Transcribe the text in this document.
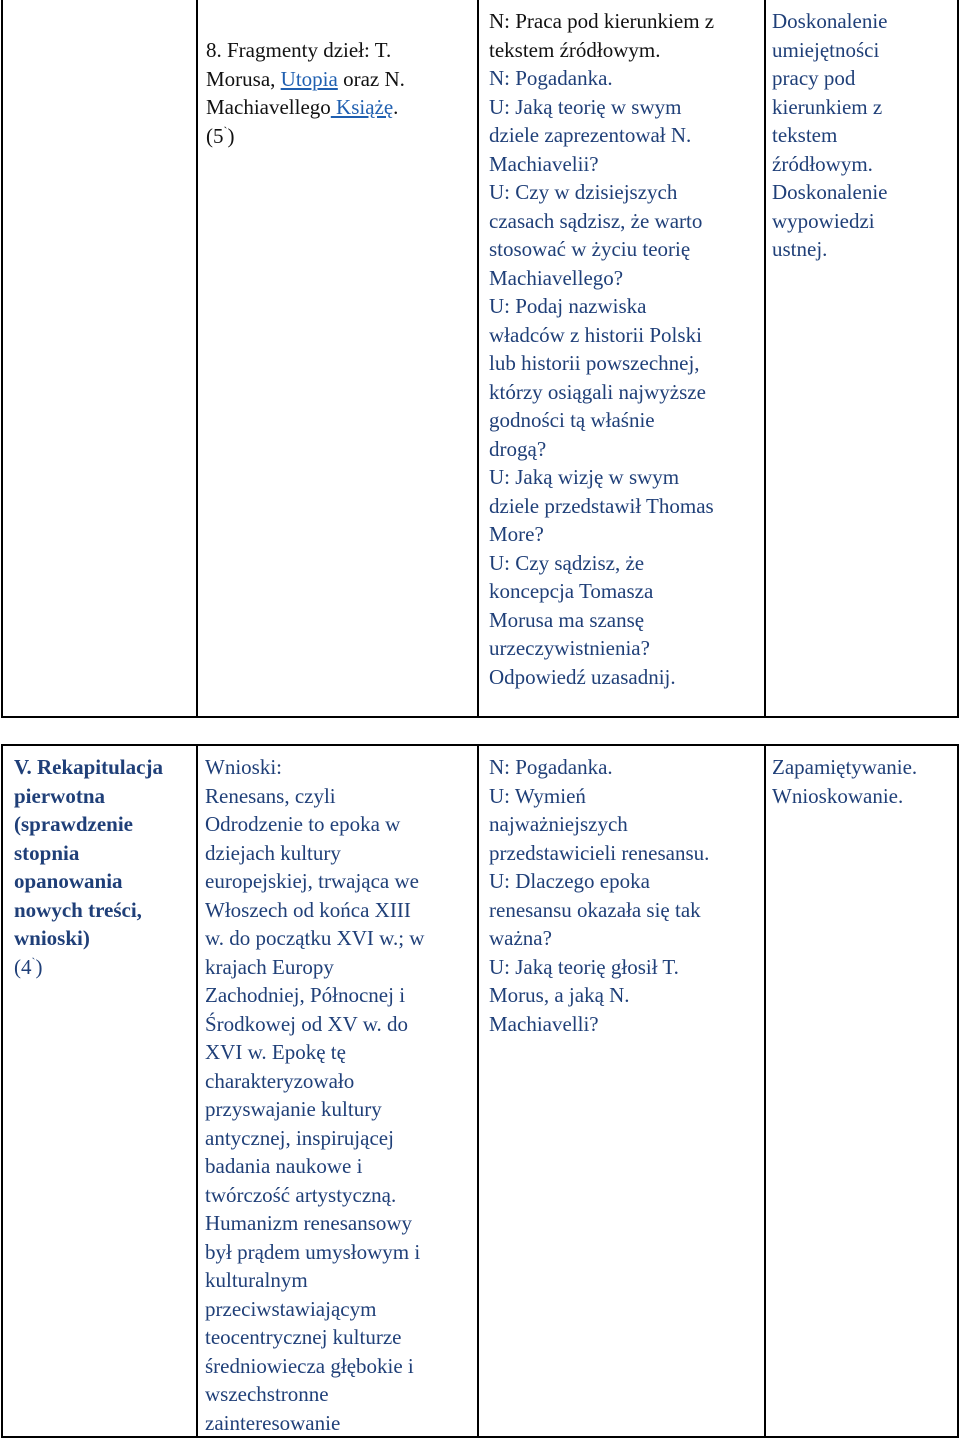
8. Fragmenty dzieł: T.
Morusa, Utopia oraz N.
Machiavellego Książę.
(5`)
N: Praca pod kierunkiem z
tekstem źródłowym.
N: Pogadanka.
U: Jaką teorię w swym
dziele zaprezentował N.
Machiavelii?
U: Czy w dzisiejszych
czasach sądzisz, że warto
stosować w życiu teorię
Machiavellego?
U: Podaj nazwiska
władców z historii Polski
lub historii powszechnej,
którzy osiągali najwyższe
godności tą właśnie
drogą?
U: Jaką wizję w swym
dziele przedstawił Thomas
More?
U: Czy sądzisz, że
koncepcja Tomasza
Morusa ma szansę
urzeczywistnienia?
Odpowiedź uzasadnij.
Doskonalenie
umiejętności
pracy pod
kierunkiem z
tekstem
źródłowym.
Doskonalenie
wypowiedzi
ustnej.
V. Rekapitulacja
pierwotna
(sprawdzenie
stopnia
opanowania
nowych treści,
wnioski)
(4`)
Wnioski:
Renesans, czyli
Odrodzenie to epoka w
dziejach kultury
europejskiej, trwająca we
Włoszech od końca XIII
w. do początku XVI w.; w
krajach Europy
Zachodniej, Północnej i
Środkowej od XV w. do
XVI w. Epokę tę
charakteryzowało
przyswajanie kultury
antycznej, inspirującej
badania naukowe i
twórczość artystyczną.
Humanizm renesansowy
był prądem umysłowym i
kulturalnym
przeciwstawiającym
teocentrycznej kulturze
średniowiecza głębokie i
wszechstronne
zainteresowanie
N: Pogadanka.
U: Wymień
najważniejszych
przedstawicieli renesansu.
U: Dlaczego epoka
renesansu okazała się tak
ważna?
U: Jaką teorię głosił T.
Morus, a jaką N.
Machiavelli?
Zapamiętywanie.
Wnioskowanie.
